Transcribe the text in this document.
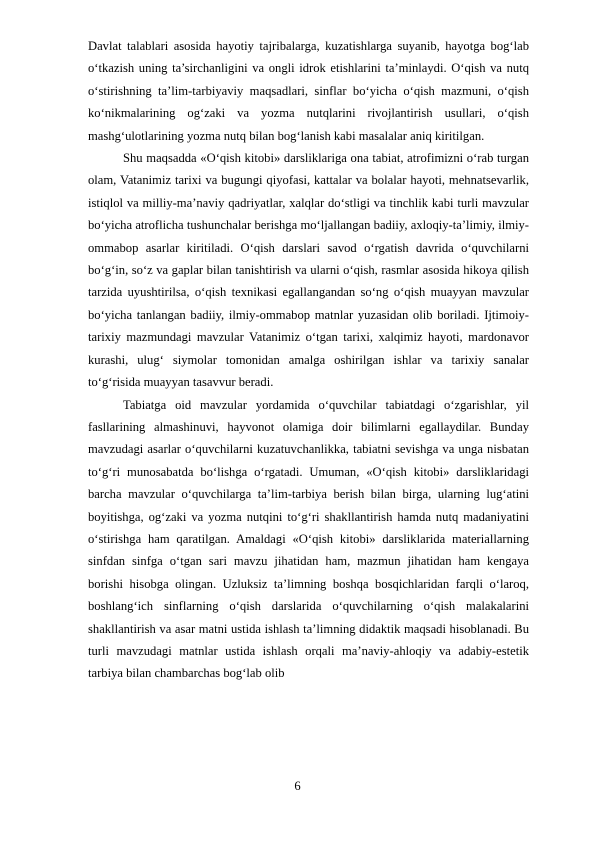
Davlat talablari asosida hayotiy tajribalarga, kuzatishlarga suyanib, hayotga bog‘lab o‘tkazish uning ta’sirchanligini va ongli idrok etishlarini ta’minlaydi. O‘qish va nutq o‘stirishning ta’lim-tarbiyaviy maqsadlari, sinflar bo‘yicha o‘qish mazmuni, o‘qish ko‘nikmalarining og‘zaki va yozma nutqlarini rivojlantirish usullari, o‘qish mashg‘ulotlarining yozma nutq bilan bog‘lanish kabi masalalar aniq kiritilgan.

Shu maqsadda «O‘qish kitobi» darsliklariga ona tabiat, atrofimizni o‘rab turgan olam, Vatanimiz tarixi va bugungi qiyofasi, kattalar va bolalar hayoti, mehnatsevarlik, istiqlol va milliy-ma’naviy qadriyatlar, xalqlar do‘stligi va tinchlik kabi turli mavzular bo‘yicha atroflicha tushunchalar berishga mo‘ljallangan badiiy, axloqiy-ta’limiy, ilmiy-ommabop asarlar kiritiladi. O‘qish darslari savod o‘rgatish davrida o‘quvchilarni bo‘g‘in, so‘z va gaplar bilan tanishtirish va ularni o‘qish, rasmlar asosida hikoya qilish tarzida uyushtirilsa, o‘qish texnikasi egallangandan so‘ng o‘qish muayyan mavzular bo‘yicha tanlangan badiiy, ilmiy-ommabop matnlar yuzasidan olib boriladi. Ijtimoiy-tarixiy mazmundagi mavzular Vatanimiz o‘tgan tarixi, xalqimiz hayoti, mardonavor kurashi, ulug‘ siymolar tomonidan amalga oshirilgan ishlar va tarixiy sanalar to‘g‘risida muayyan tasavvur beradi.

Tabiatga oid mavzular yordamida o‘quvchilar tabiatdagi o‘zgarishlar, yil fasllarining almashinuvi, hayvonot olamiga doir bilimlarni egallaydilar. Bunday mavzudagi asarlar o‘quvchilarni kuzatuvchanlikka, tabiatni sevishga va unga nisbatan to‘g‘ri munosabatda bo‘lishga o‘rgatadi. Umuman, «O‘qish kitobi» darsliklaridagi barcha mavzular o‘quvchilarga ta’lim-tarbiya berish bilan birga, ularning lug‘atini boyitishga, og‘zaki va yozma nutqini to‘g‘ri shakllantirish hamda nutq madaniyatini o‘stirishga ham qaratilgan. Amaldagi «O‘qish kitobi» darsliklarida materiallarning sinfdan sinfga o‘tgan sari mavzu jihatidan ham, mazmun jihatidan ham kengaya borishi hisobga olingan. Uzluksiz ta’limning boshqa bosqichlaridan farqli o‘laroq, boshlang‘ich sinflarning o‘qish darslarida o‘quvchilarning o‘qish malakalarini shakllantirish va asar matni ustida ishlash ta’limning didaktik maqsadi hisoblanadi. Bu turli mavzudagi matnlar ustida ishlash orqali ma’naviy-ahloqiy va adabiy-estetik tarbiya bilan chambarchas bog‘lab olib

6
